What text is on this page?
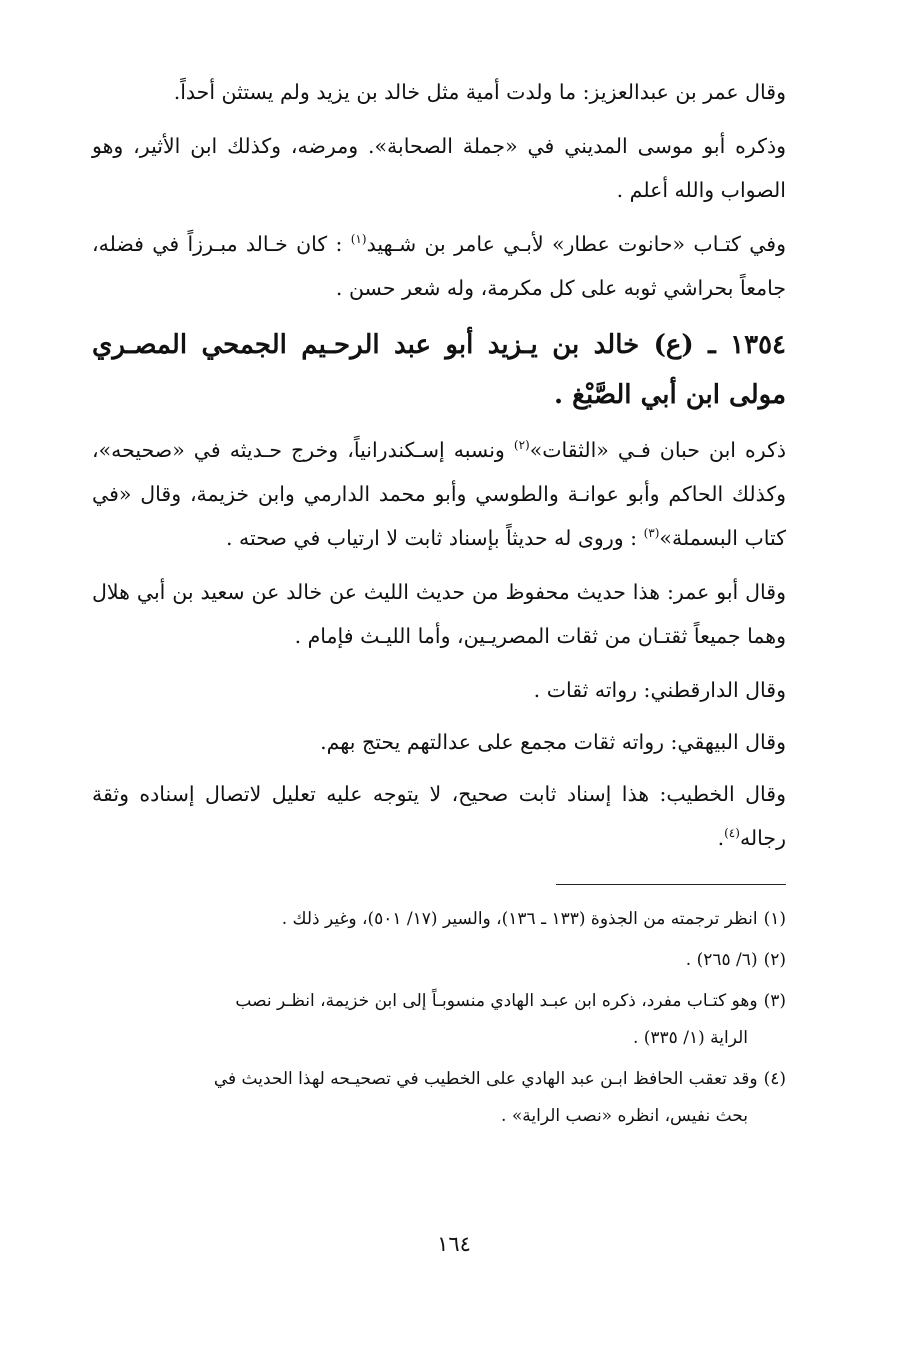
وقال عمر بن عبدالعزيز: ما ولدت أمية مثل خالد بن يزيد ولم يستثن أحداً.

وذكره أبو موسى المديني في «جملة الصحابة». ومرضه، وكذلك ابن الأثير، وهو الصواب والله أعلم .

وفي كتـاب «حانوت عطار» لأبـي عامر بن شـهيد$^{(١)}$ : كان خـالد مبـرزاً في فضله، جامعاً بحراشي ثوبه على كل مكرمة، وله شعر حسن .

١٣٥٤ ـ (ع) خالد بن يـزيد أبو عبد الرحـيم الجمحي المصـري مولى ابن أبي الصَّبْغ .

ذكره ابن حبان فـي «الثقات»$^{(٢)}$ ونسبه إسـكندرانياً، وخرج حـديثه في «صحيحه»، وكذلك الحاكم وأبو عوانـة والطوسي وأبو محمد الدارمي وابن خزيمة، وقال «في كتاب البسملة»$^{(٣)}$ : وروى له حديثاً بإسناد ثابت لا ارتياب في صحته .

وقال أبو عمر: هذا حديث محفوظ من حديث الليث عن خالد عن سعيد بن أبي هلال وهما جميعاً ثقتـان من ثقات المصريـين، وأما الليـث فإمام .

وقال الدارقطني: رواته ثقات .

وقال البيهقي: رواته ثقات مجمع على عدالتهم يحتج بهم.

وقال الخطيب: هذا إسناد ثابت صحيح، لا يتوجه عليه تعليل لاتصال إسناده وثقة رجاله$^{(٤)}$.

(١)انظر ترجمته من الجذوة (١٣٣ ـ ١٣٦)، والسير (١٧/ ٥٠١)، وغير ذلك .

(٢)(٦/ ٢٦٥) .

(٣)وهو كتـاب مفرد، ذكره ابن عبـد الهادي منسوبـاً إلى ابن خزيمة، انظـر نصب
الراية (١/ ٣٣٥) .

(٤)وقد تعقب الحافظ ابـن عبد الهادي على الخطيب في تصحيـحه لهذا الحديث في
بحث نفيس، انظره «نصب الراية» .

١٦٤
